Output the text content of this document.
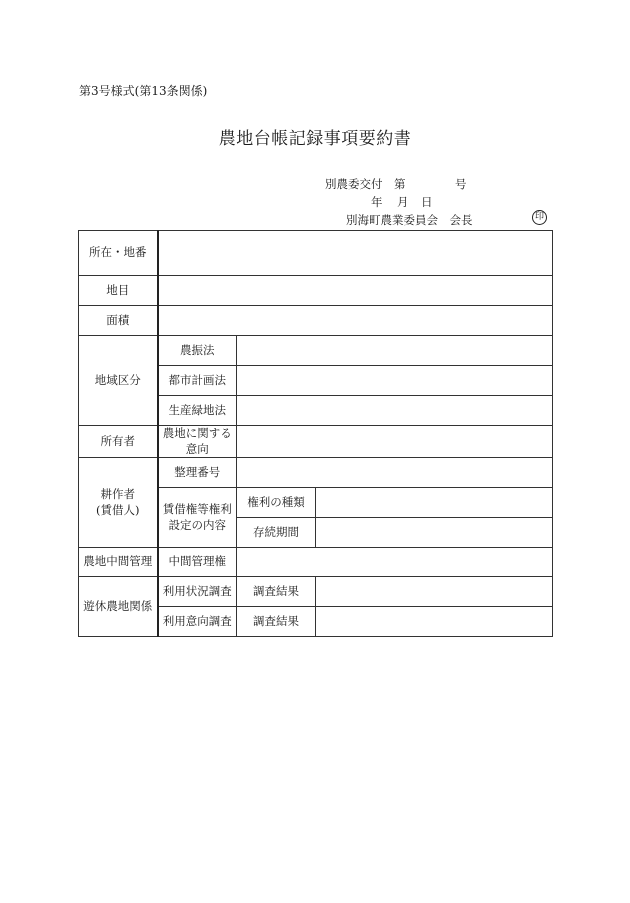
第3号様式(第13条関係)
農地台帳記録事項要約書
別農委交付 第	号
年 月 日
別海町農業委員会　会長	印
所在・地番			
地目			
面積			
地域区分	農振法		
	都市計画法		
	生産緑地法		
所有者	農地に関する
意向		

耕作者
(賃借人)	整理番号		

	賃借権等権利
設定の内容	権利の種類	
		存続期間	
農地中間管理	中間管理権		
遊休農地関係	利用状況調査	調査結果	
	利用意向調査	調査結果	
